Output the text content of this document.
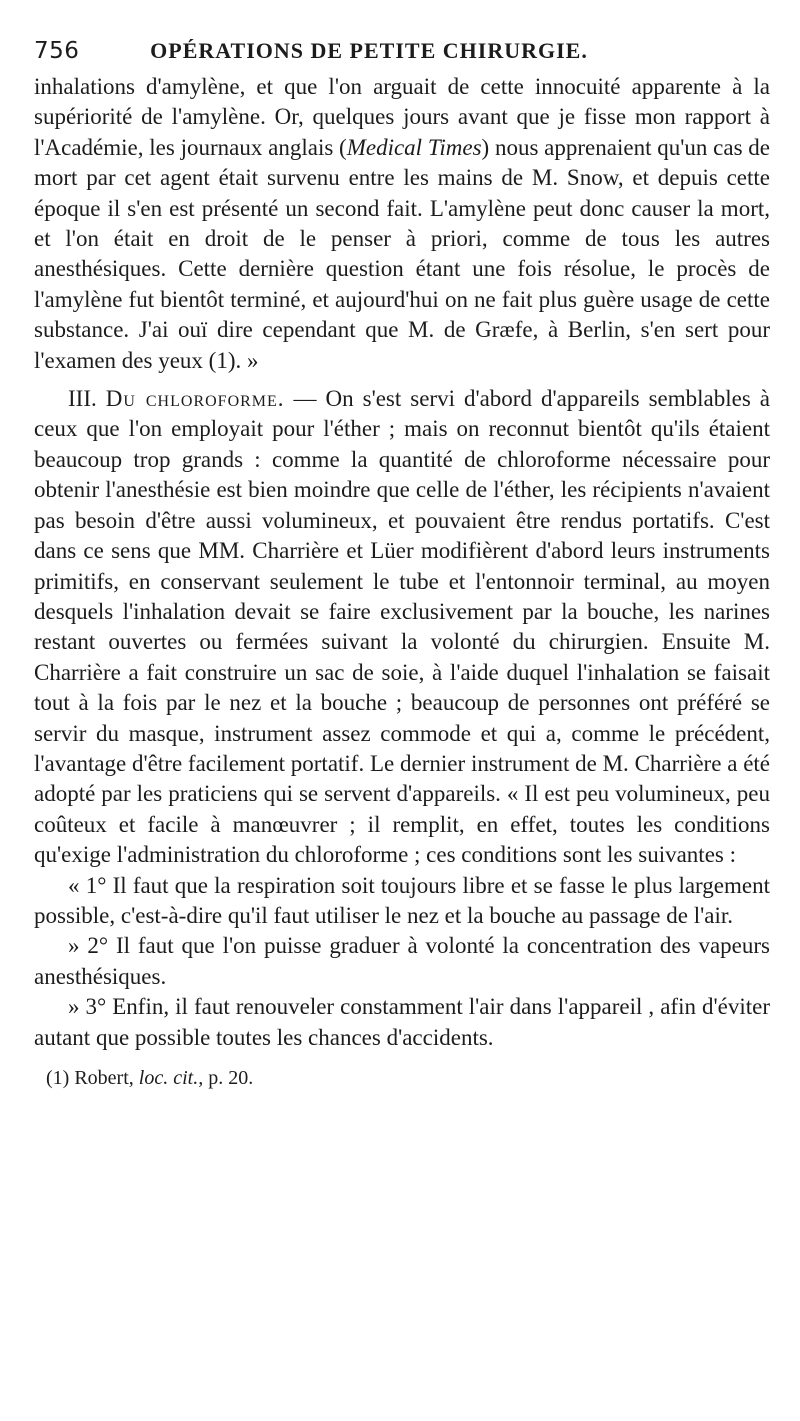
756	OPÉRATIONS DE PETITE CHIRURGIE.

inhalations d'amylène, et que l'on arguait de cette innocuité apparente à la supériorité de l'amylène. Or, quelques jours avant que je fisse mon rapport à l'Académie, les journaux anglais (Medical Times) nous apprenaient qu'un cas de mort par cet agent était survenu entre les mains de M. Snow, et depuis cette époque il s'en est présenté un second fait. L'amylène peut donc causer la mort, et l'on était en droit de le penser à priori, comme de tous les autres anesthésiques. Cette dernière question étant une fois résolue, le procès de l'amylène fut bientôt terminé, et aujourd'hui on ne fait plus guère usage de cette substance. J'ai ouï dire cependant que M. de Græfe, à Berlin, s'en sert pour l'examen des yeux (1). »

III. Du chloroforme. — On s'est servi d'abord d'appareils semblables à ceux que l'on employait pour l'éther ; mais on reconnut bientôt qu'ils étaient beaucoup trop grands : comme la quantité de chloroforme nécessaire pour obtenir l'anesthésie est bien moindre que celle de l'éther, les récipients n'avaient pas besoin d'être aussi volumineux, et pouvaient être rendus portatifs. C'est dans ce sens que MM. Charrière et Lüer modifièrent d'abord leurs instruments primitifs, en conservant seulement le tube et l'entonnoir terminal, au moyen desquels l'inhalation devait se faire exclusivement par la bouche, les narines restant ouvertes ou fermées suivant la volonté du chirurgien. Ensuite M. Charrière a fait construire un sac de soie, à l'aide duquel l'inhalation se faisait tout à la fois par le nez et la bouche ; beaucoup de personnes ont préféré se servir du masque, instrument assez commode et qui a, comme le précédent, l'avantage d'être facilement portatif. Le dernier instrument de M. Charrière a été adopté par les praticiens qui se servent d'appareils. « Il est peu volumineux, peu coûteux et facile à manœuvrer ; il remplit, en effet, toutes les conditions qu'exige l'administration du chloroforme ; ces conditions sont les suivantes :

« 1° Il faut que la respiration soit toujours libre et se fasse le plus largement possible, c'est-à-dire qu'il faut utiliser le nez et la bouche au passage de l'air.

» 2° Il faut que l'on puisse graduer à volonté la concentration des vapeurs anesthésiques.

» 3° Enfin, il faut renouveler constamment l'air dans l'appareil , afin d'éviter autant que possible toutes les chances d'accidents.

(1) Robert, loc. cit., p. 20.
